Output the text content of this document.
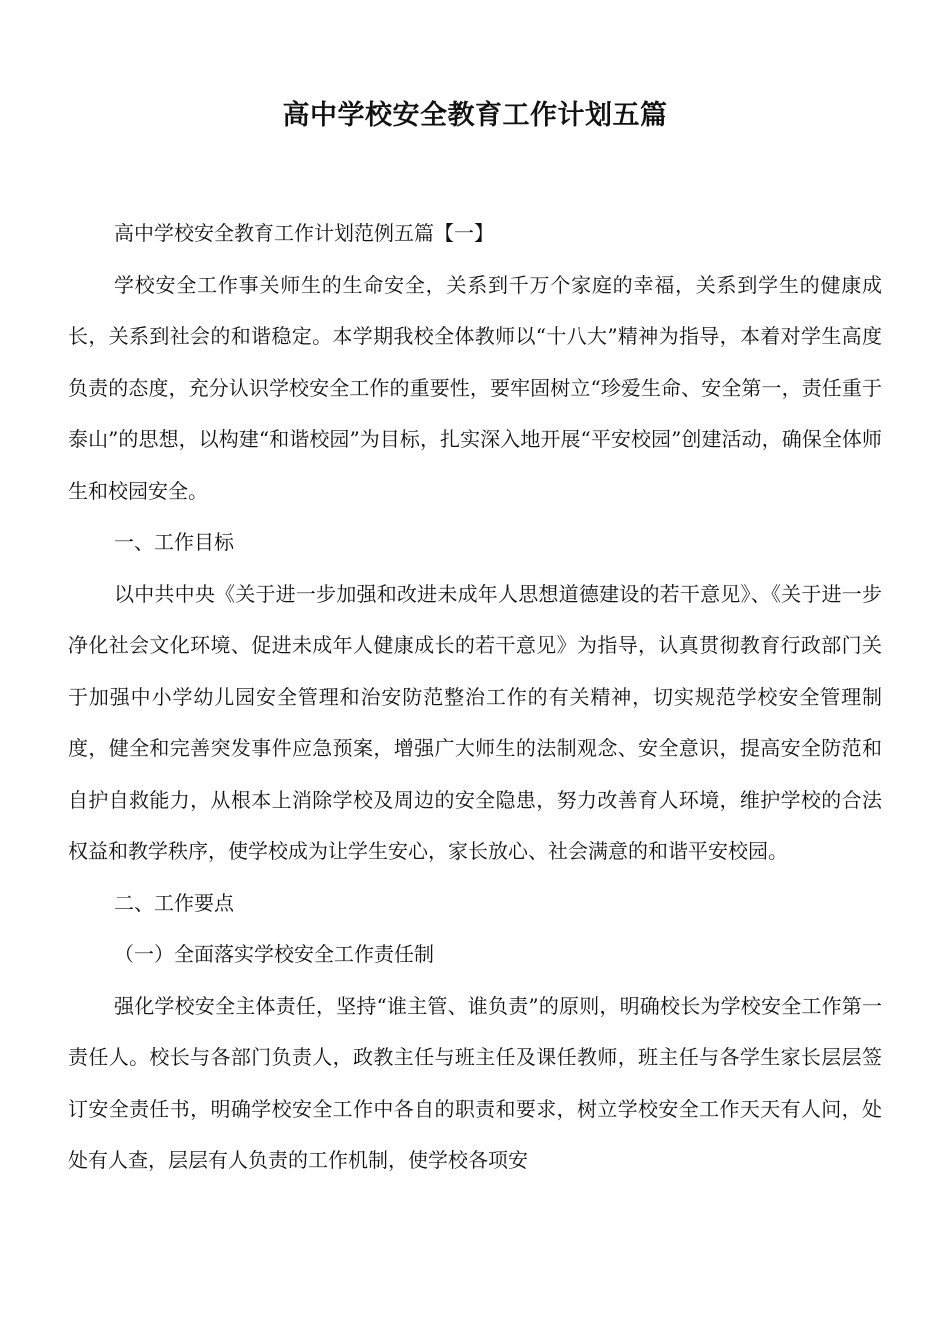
高中学校安全教育工作计划五篇

高中学校安全教育工作计划范例五篇【一】

学校安全工作事关师生的生命安全，关系到千万个家庭的幸福，关系到学生的健康成长，关系到社会的和谐稳定。本学期我校全体教师以“十八大”精神为指导，本着对学生高度负责的态度，充分认识学校安全工作的重要性，要牢固树立“珍爱生命、安全第一，责任重于泰山”的思想，以构建“和谐校园”为目标，扎实深入地开展“平安校园”创建活动，确保全体师生和校园安全。

一、工作目标

以中共中央《关于进一步加强和改进未成年人思想道德建设的若干意见》、《关于进一步净化社会文化环境、促进未成年人健康成长的若干意见》为指导，认真贯彻教育行政部门关于加强中小学幼儿园安全管理和治安防范整治工作的有关精神，切实规范学校安全管理制度，健全和完善突发事件应急预案，增强广大师生的法制观念、安全意识，提高安全防范和自护自救能力，从根本上消除学校及周边的安全隐患，努力改善育人环境，维护学校的合法权益和教学秩序，使学校成为让学生安心，家长放心、社会满意的和谐平安校园。

二、工作要点

（一）全面落实学校安全工作责任制

强化学校安全主体责任，坚持“谁主管、谁负责”的原则，明确校长为学校安全工作第一责任人。校长与各部门负责人，政教主任与班主任及课任教师，班主任与各学生家长层层签订安全责任书，明确学校安全工作中各自的职责和要求，树立学校安全工作天天有人问，处处有人查，层层有人负责的工作机制，使学校各项安
